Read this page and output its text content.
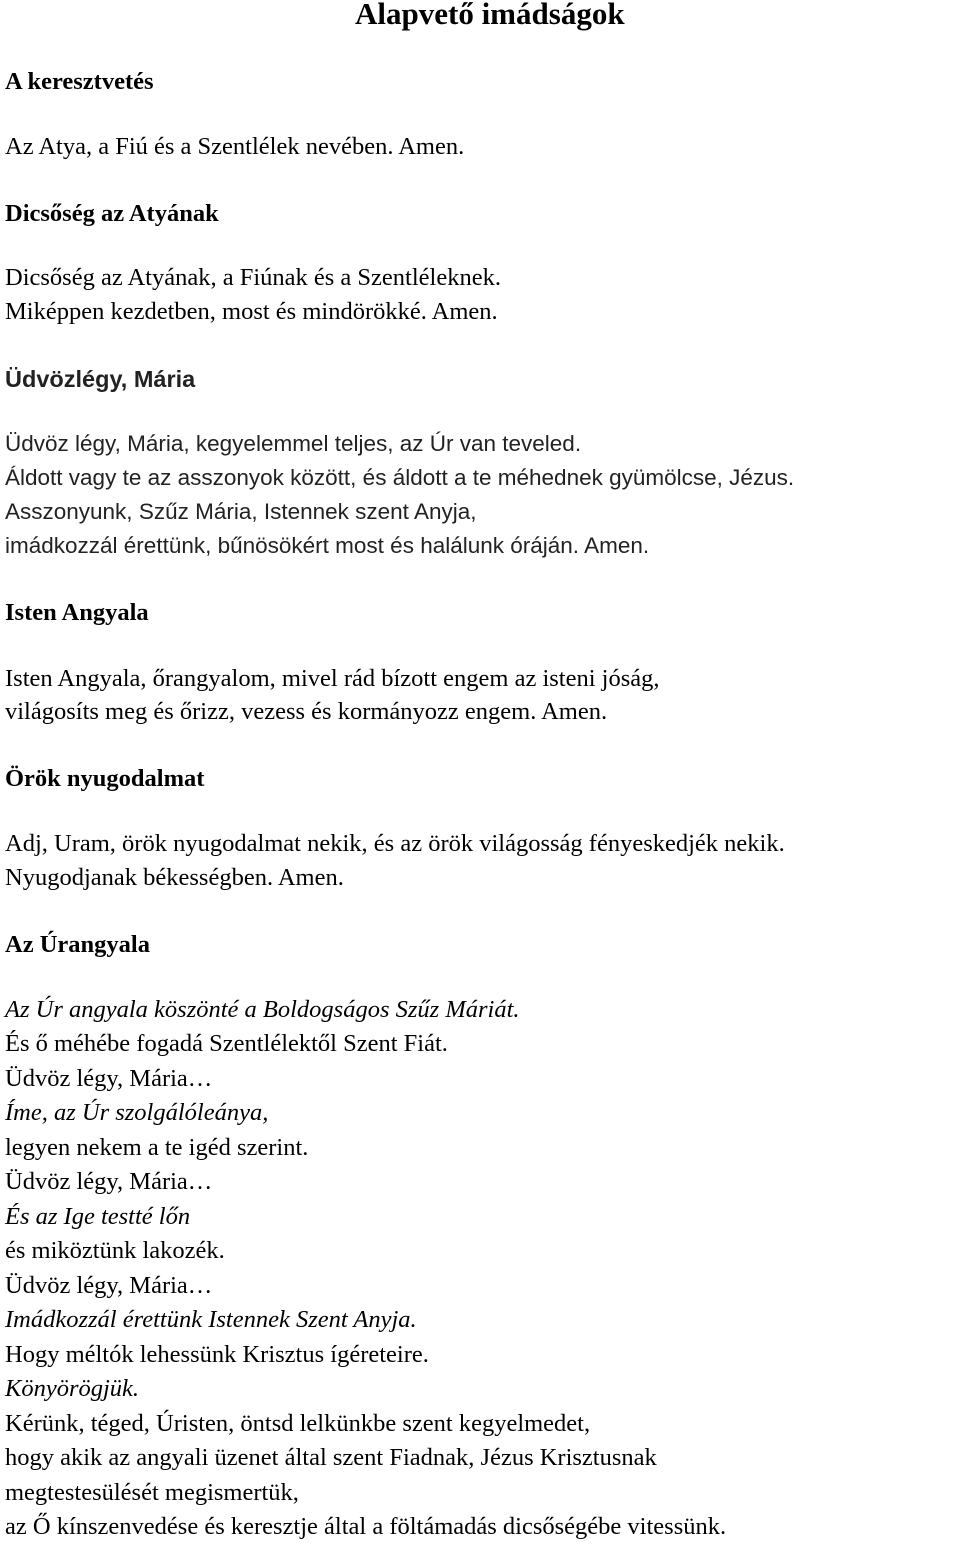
Alapvető imádságok
A keresztvetés
Az Atya, a Fiú és a Szentlélek nevében. Amen.
Dicsőség az Atyának
Dicsőség az Atyának, a Fiúnak és a Szentléleknek.
Miképpen kezdetben, most és mindörökké. Amen.
Üdvözlégy, Mária
Üdvöz légy, Mária, kegyelemmel teljes, az Úr van teveled.
Áldott vagy te az asszonyok között, és áldott a te méhednek gyümölcse, Jézus.
Asszonyunk, Szűz Mária, Istennek szent Anyja,
imádkozzál érettünk, bűnösökért most és halálunk óráján. Amen.
Isten Angyala
Isten Angyala, őrangyalom, mivel rád bízott engem az isteni jóság,
világosíts meg és őrizz, vezess és kormányozz engem. Amen.
Örök nyugodalmat
Adj, Uram, örök nyugodalmat nekik, és az örök világosság fényeskedjék nekik.
Nyugodjanak békességben. Amen.
Az Úrangyala
Az Úr angyala köszönté a Boldogságos Szűz Máriát.
És ő méhébe fogadá Szentlélektől Szent Fiát.
Üdvöz légy, Mária…
Íme, az Úr szolgálóleánya,
legyen nekem a te igéd szerint.
Üdvöz légy, Mária…
És az Ige testté lőn
és miköztünk lakozék.
Üdvöz légy, Mária…
Imádkozzál érettünk Istennek Szent Anyja.
Hogy méltók lehessünk Krisztus ígéreteire.
Könyörögjük.
Kérünk, téged, Úristen, öntsd lelkünkbe szent kegyelmedet,
hogy akik az angyali üzenet által szent Fiadnak, Jézus Krisztusnak
megtestesülését megismertük,
az Ő kínszenvedése és keresztje által a föltámadás dicsőségébe vitessünk.
